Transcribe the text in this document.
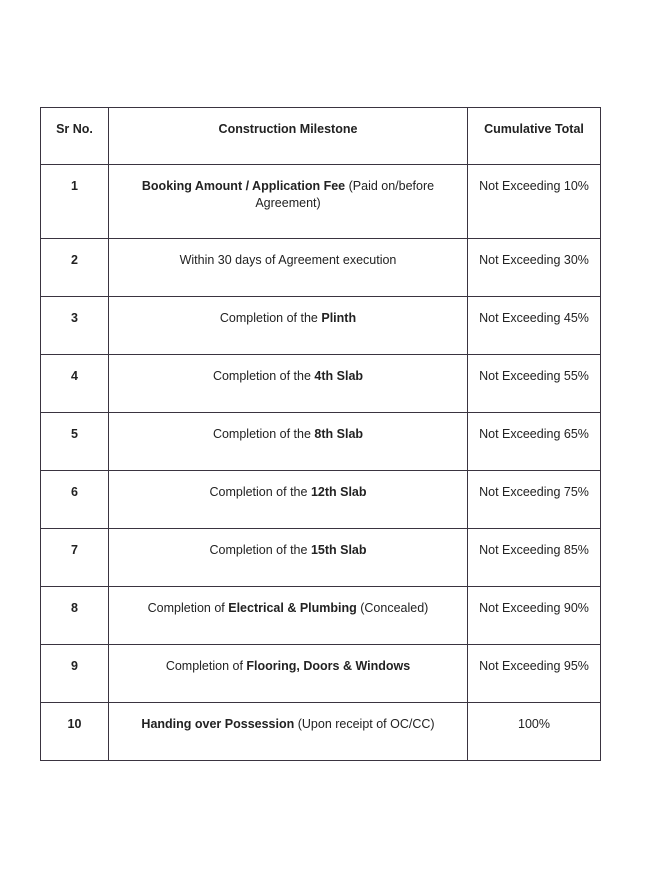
Sr No.	Construction Milestone	Cumulative Total
1	Booking Amount / Application Fee (Paid on/before Agreement)	Not Exceeding 10%
2	Within 30 days of Agreement execution	Not Exceeding 30%
3	Completion of the Plinth	Not Exceeding 45%
4	Completion of the 4th Slab	Not Exceeding 55%
5	Completion of the 8th Slab	Not Exceeding 65%
6	Completion of the 12th Slab	Not Exceeding 75%
7	Completion of the 15th Slab	Not Exceeding 85%
8	Completion of Electrical & Plumbing (Concealed)	Not Exceeding 90%
9	Completion of Flooring, Doors & Windows	Not Exceeding 95%
10	Handing over Possession (Upon receipt of OC/CC)	100%
